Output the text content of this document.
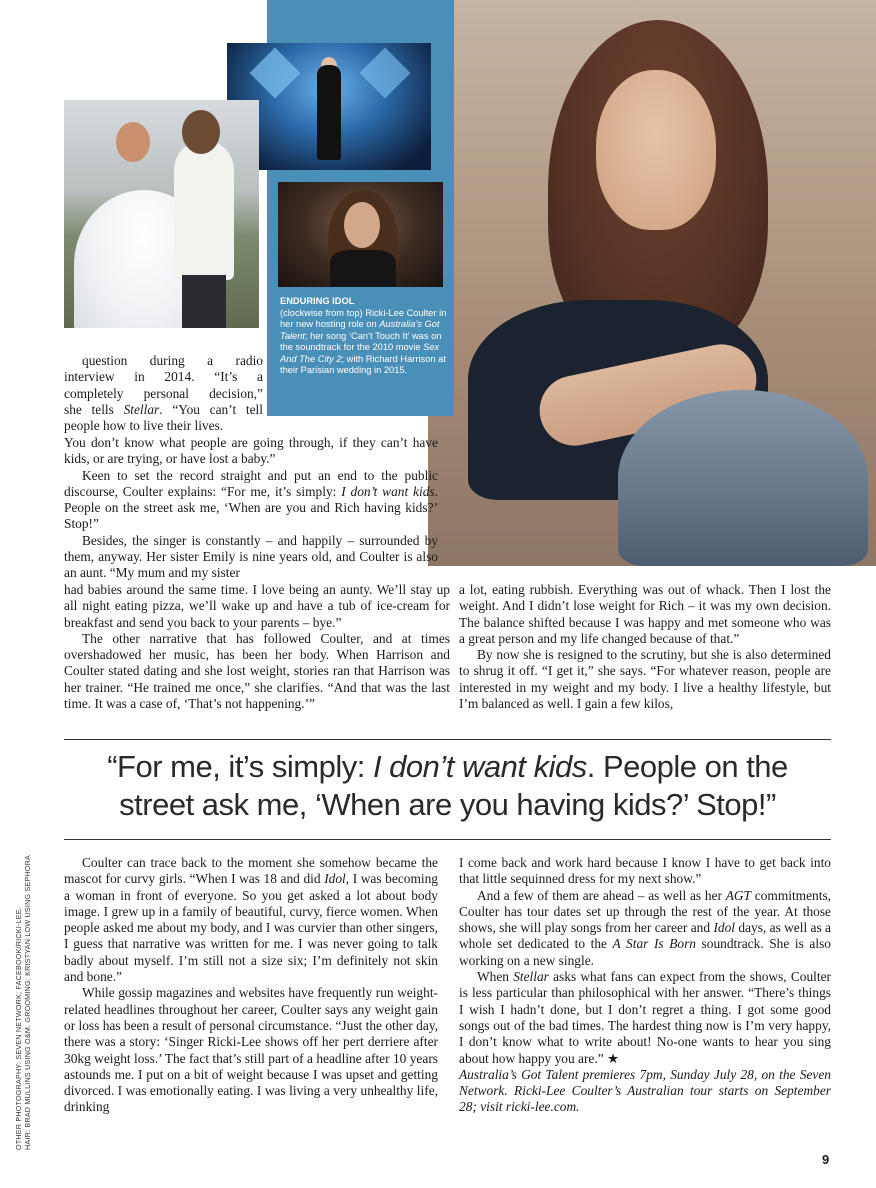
ENDURING IDOL
(clockwise from top) Ricki-Lee Coulter in her new hosting role on Australia’s Got Talent; her song ‘Can’t Touch It’ was on the soundtrack for the 2010 movie Sex And The City 2; with Richard Harrison at their Parisian wedding in 2015.

question during a radio

interview in 2014. “It’s a

completely personal decision,”

she tells Stellar. “You can’t tell

people how to live their lives.

You don’t know what people are going through, if they can’t have kids, or are trying, or have lost a baby.”

Keen to set the record straight and put an end to the public discourse, Coulter explains: “For me, it’s simply: I don’t want kids. People on the street ask me, ‘When are you and Rich having kids?’ Stop!”

Besides, the singer is constantly – and happily – surrounded by them, anyway. Her sister Emily is nine years old, and Coulter is also an aunt. “My mum and my sister

had babies around the same time. I love being an aunty. We’ll stay up all night eating pizza, we’ll wake up and have a tub of ice-cream for breakfast and send you back to your parents – bye.”

The other narrative that has followed Coulter, and at times overshadowed her music, has been her body. When Harrison and Coulter stated dating and she lost weight, stories ran that Harrison was her trainer. “He trained me once,” she clarifies. “And that was the last time. It was a case of, ‘That’s not happening.’”

a lot, eating rubbish. Everything was out of whack. Then I lost the weight. And I didn’t lose weight for Rich – it was my own decision. The balance shifted because I was happy and met someone who was a great person and my life changed because of that.”

By now she is resigned to the scrutiny, but she is also determined to shrug it off. “I get it,” she says. “For whatever reason, people are interested in my weight and my body. I live a healthy lifestyle, but I’m balanced as well. I gain a few kilos,

“For me, it’s simply: I don’t want kids. People on the
street ask me, ‘When are you having kids?’ Stop!”

Coulter can trace back to the moment she somehow became the mascot for curvy girls. “When I was 18 and did Idol, I was becoming a woman in front of everyone. So you get asked a lot about body image. I grew up in a family of beautiful, curvy, fierce women. When people asked me about my body, and I was curvier than other singers, I guess that narrative was written for me. I was never going to talk badly about myself. I’m still not a size six; I’m definitely not skin and bone.”

While gossip magazines and websites have frequently run weight-related headlines throughout her career, Coulter says any weight gain or loss has been a result of personal circumstance. “Just the other day, there was a story: ‘Singer Ricki-Lee shows off her pert derriere after 30kg weight loss.’ The fact that’s still part of a headline after 10 years astounds me. I put on a bit of weight because I was upset and getting divorced. I was emotionally eating. I was living a very unhealthy life, drinking

I come back and work hard because I know I have to get back into that little sequinned dress for my next show.”

And a few of them are ahead – as well as her AGT commitments, Coulter has tour dates set up through the rest of the year. At those shows, she will play songs from her career and Idol days, as well as a whole set dedicated to the A Star Is Born soundtrack. She is also working on a new single.

When Stellar asks what fans can expect from the shows, Coulter is less particular than philosophical with her answer. “There’s things I wish I hadn’t done, but I don’t regret a thing. I got some good songs out of the bad times. The hardest thing now is I’m very happy, I don’t know what to write about! No-one wants to hear you sing about how happy you are.” ★

Australia’s Got Talent premieres 7pm, Sunday July 28, on the Seven Network. Ricki-Lee Coulter’s Australian tour starts on September 28; visit ricki-lee.com.

OTHER PHOTOGRAPHY: SEVEN NETWORK; FACEBOOK/RICKI-LEE. HAIR: BRAD MULLINS USING O&M. GROOMING: KRISTYAN LOW USING SEPHORA
9
